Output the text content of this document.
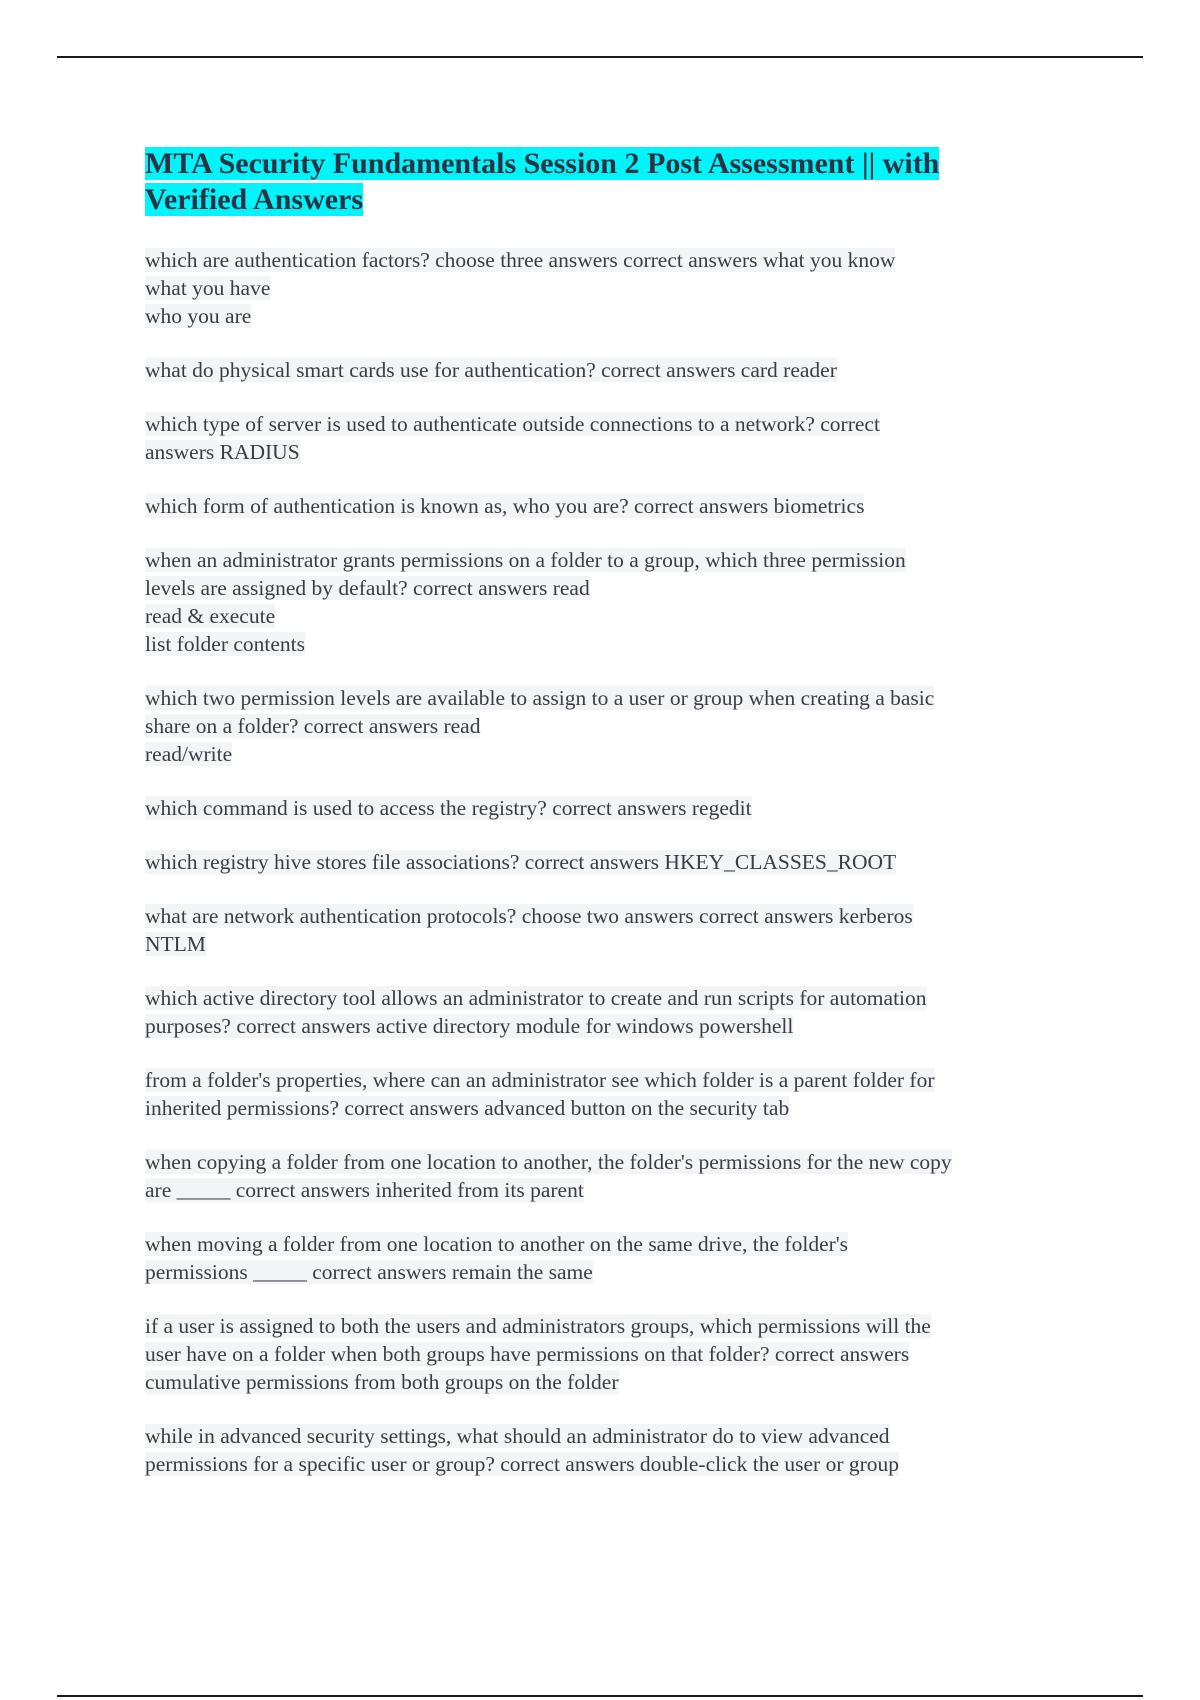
MTA Security Fundamentals Session 2 Post Assessment || with
Verified Answers
which are authentication factors? choose three answers correct answers what you know
what you have
who you are
what do physical smart cards use for authentication? correct answers card reader
which type of server is used to authenticate outside connections to a network? correct
answers RADIUS
which form of authentication is known as, who you are? correct answers biometrics
when an administrator grants permissions on a folder to a group, which three permission
levels are assigned by default? correct answers read
read & execute
list folder contents
which two permission levels are available to assign to a user or group when creating a basic
share on a folder? correct answers read
read/write
which command is used to access the registry? correct answers regedit
which registry hive stores file associations? correct answers HKEY_CLASSES_ROOT
what are network authentication protocols? choose two answers correct answers kerberos
NTLM
which active directory tool allows an administrator to create and run scripts for automation
purposes? correct answers active directory module for windows powershell
from a folder's properties, where can an administrator see which folder is a parent folder for
inherited permissions? correct answers advanced button on the security tab
when copying a folder from one location to another, the folder's permissions for the new copy
are _____ correct answers inherited from its parent
when moving a folder from one location to another on the same drive, the folder's
permissions _____ correct answers remain the same
if a user is assigned to both the users and administrators groups, which permissions will the
user have on a folder when both groups have permissions on that folder? correct answers
cumulative permissions from both groups on the folder
while in advanced security settings, what should an administrator do to view advanced
permissions for a specific user or group? correct answers double-click the user or group
